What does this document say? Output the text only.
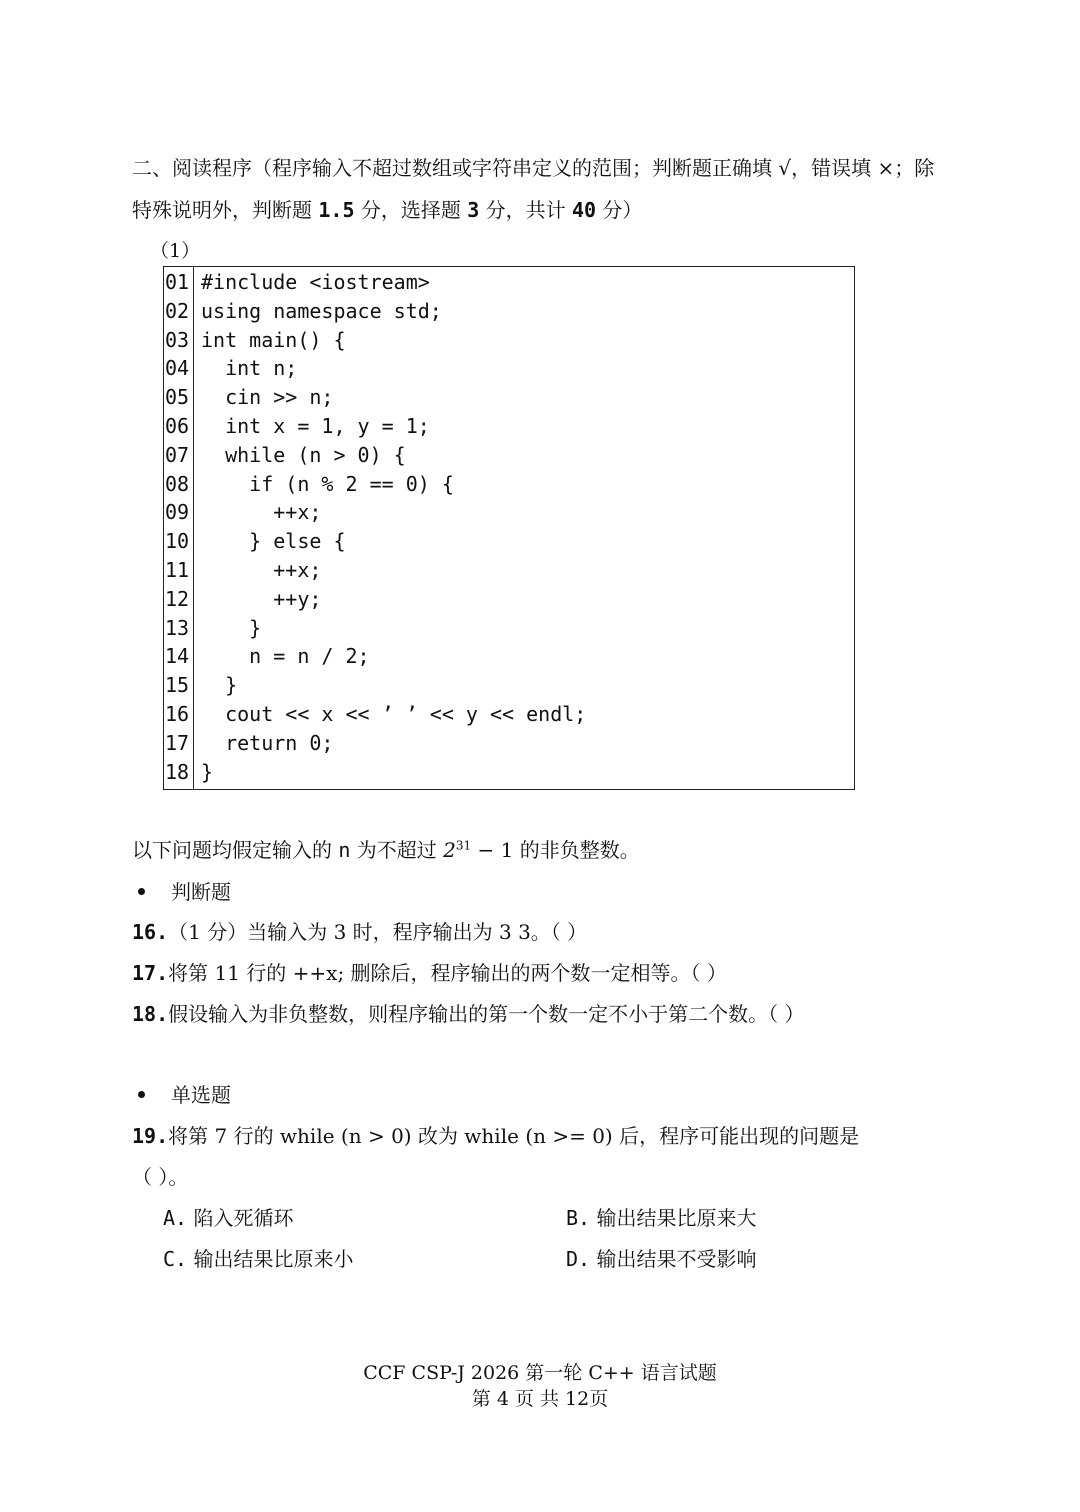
二、阅读程序（程序输入不超过数组或字符串定义的范围；判断题正确填 √，错误填 ×；除
特殊说明外，判断题 1.5 分，选择题 3 分，共计 40 分）
（1）
01 #include <iostream>
02 using namespace std;
03 int main() {
04 int n;
05 cin >> n;
06 int x = 1, y = 1;
07 while (n > 0) {
08 if (n % 2 == 0) {
09 ++x;
10 } else {
11 ++x;
12 ++y;
13 }
14 n = n / 2;
15 }
16 cout << x << ’ ’ << y << endl;
17 return 0;
18 }
以下问题均假定输入的 n 为不超过 $2^{31} - 1$ 的非负整数。
判断题
16.（1 分）当输入为 3 时，程序输出为 3 3。（ ）
17.将第 11 行的 ++x; 删除后，程序输出的两个数一定相等。（ ）
18.假设输入为非负整数，则程序输出的第一个数一定不小于第二个数。（ ）
单选题
19.将第 7 行的 while (n > 0) 改为 while (n >= 0) 后，程序可能出现的问题是
（ ）。
A. 陷入死循环	B. 输出结果比原来大
C. 输出结果比原来小	D. 输出结果不受影响
CCF CSP-J 2026 第一轮 C++ 语言试题
第 4 页 共 12页
